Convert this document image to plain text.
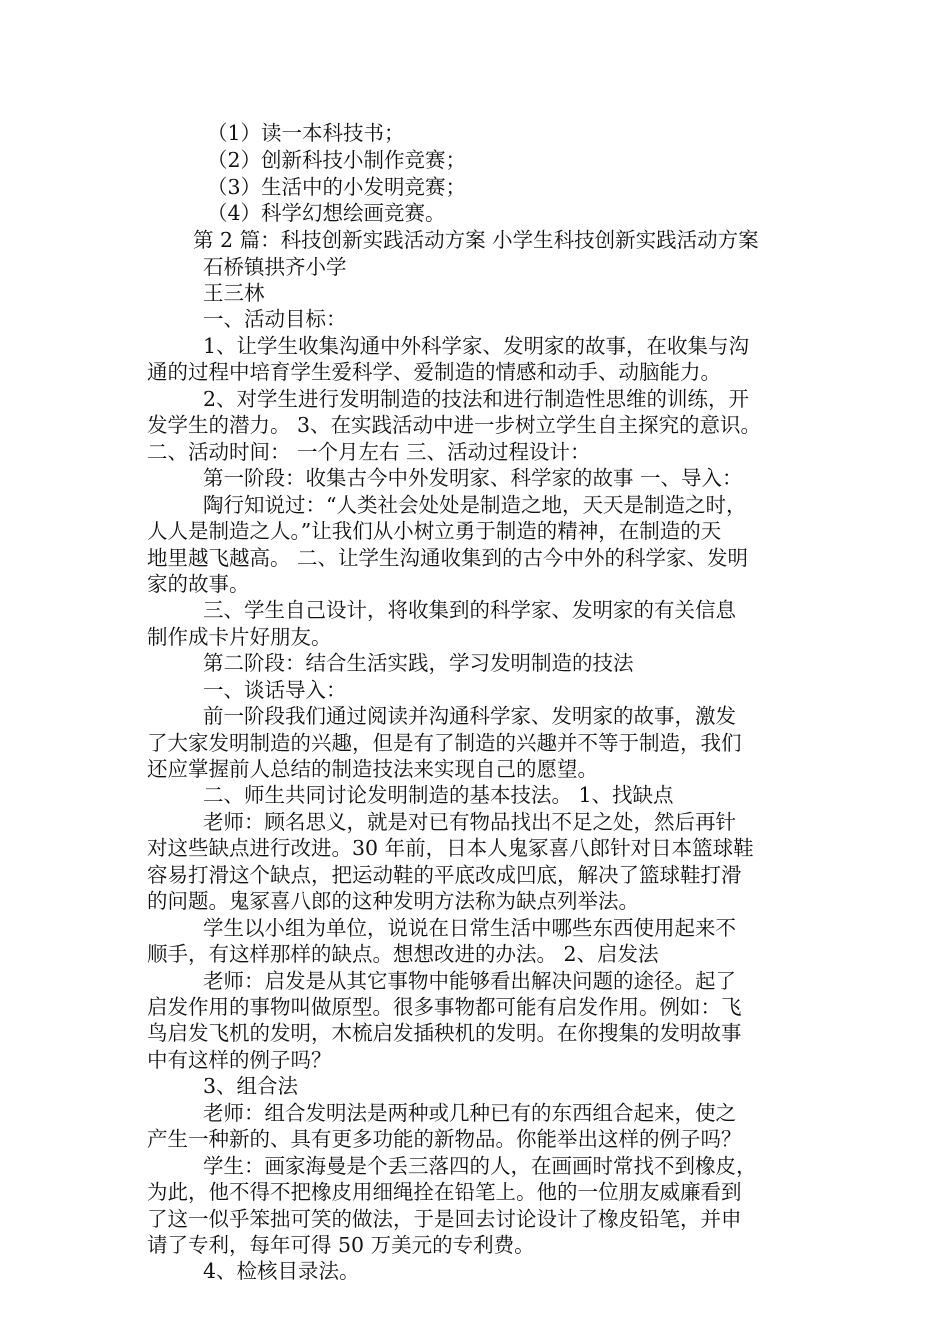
（1）读一本科技书；
（2）创新科技小制作竞赛；
（3）生活中的小发明竞赛；
（4）科学幻想绘画竞赛。
第 2 篇：科技创新实践活动方案 小学生科技创新实践活动方案
石桥镇拱齐小学
王三林
一、活动目标：
1、让学生收集沟通中外科学家、发明家的故事，在收集与沟
通的过程中培育学生爱科学、爱制造的情感和动手、动脑能力。
2、对学生进行发明制造的技法和进行制造性思维的训练，开
发学生的潜力。 3、在实践活动中进一步树立学生自主探究的意识。
二、活动时间： 一个月左右 三、活动过程设计：
第一阶段：收集古今中外发明家、科学家的故事 一、导入：
陶行知说过：“人类社会处处是制造之地，天天是制造之时，
人人是制造之人。”让我们从小树立勇于制造的精神，在制造的天
地里越飞越高。 二、让学生沟通收集到的古今中外的科学家、发明
家的故事。
三、学生自己设计，将收集到的科学家、发明家的有关信息
制作成卡片好朋友。
第二阶段：结合生活实践，学习发明制造的技法
一、谈话导入：
前一阶段我们通过阅读并沟通科学家、发明家的故事，激发
了大家发明制造的兴趣，但是有了制造的兴趣并不等于制造，我们
还应掌握前人总结的制造技法来实现自己的愿望。
二、师生共同讨论发明制造的基本技法。 1、找缺点
老师：顾名思义，就是对已有物品找出不足之处，然后再针
对这些缺点进行改进。30 年前，日本人鬼冢喜八郎针对日本篮球鞋
容易打滑这个缺点，把运动鞋的平底改成凹底，解决了篮球鞋打滑
的问题。鬼冢喜八郎的这种发明方法称为缺点列举法。
学生以小组为单位，说说在日常生活中哪些东西使用起来不
顺手，有这样那样的缺点。想想改进的办法。 2、启发法
老师：启发是从其它事物中能够看出解决问题的途径。起了
启发作用的事物叫做原型。很多事物都可能有启发作用。例如：飞
鸟启发飞机的发明，木梳启发插秧机的发明。在你搜集的发明故事
中有这样的例子吗？
3、组合法
老师：组合发明法是两种或几种已有的东西组合起来，使之
产生一种新的、具有更多功能的新物品。你能举出这样的例子吗？
学生：画家海曼是个丢三落四的人，在画画时常找不到橡皮，
为此，他不得不把橡皮用细绳拴在铅笔上。他的一位朋友威廉看到
了这一似乎笨拙可笑的做法，于是回去讨论设计了橡皮铅笔，并申
请了专利，每年可得 50 万美元的专利费。
4、检核目录法。
